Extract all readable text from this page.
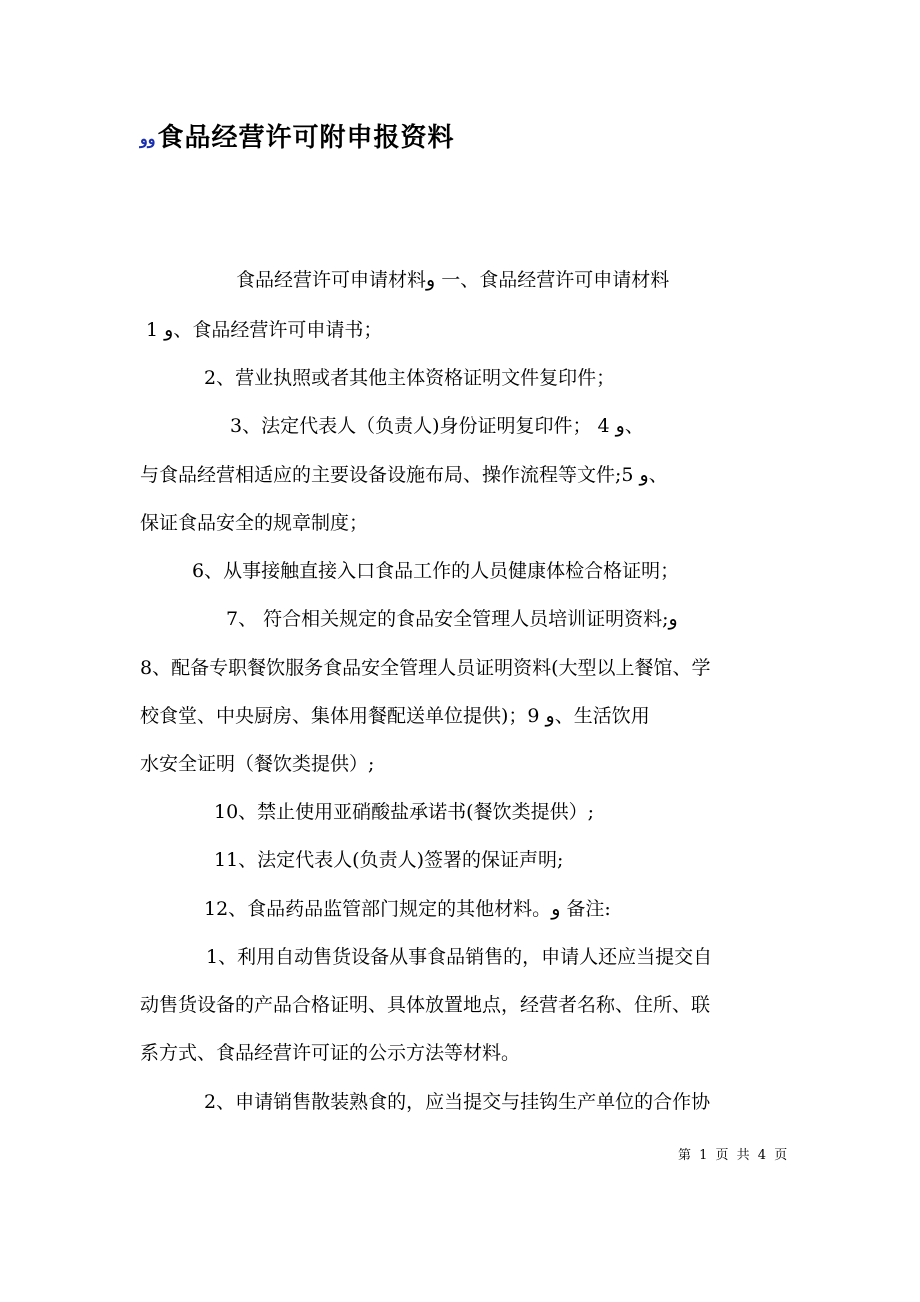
وو食品经营许可附申报资料
食品经营许可申请材料و 一、食品经营许可申请材料
1 و、食品经营许可申请书；
2、营业执照或者其他主体资格证明文件复印件；
3、法定代表人（负责人)身份证明复印件； 4 و、
与食品经营相适应的主要设备设施布局、操作流程等文件;5 و、
保证食品安全的规章制度；
6、从事接触直接入口食品工作的人员健康体检合格证明；
7、 符合相关规定的食品安全管理人员培训证明资料;و
8、配备专职餐饮服务食品安全管理人员证明资料(大型以上餐馆、学
校食堂、中央厨房、集体用餐配送单位提供)；9 و、生活饮用
水安全证明（餐饮类提供）;
10、禁止使用亚硝酸盐承诺书(餐饮类提供）;
11、法定代表人(负责人)签署的保证声明;
12、食品药品监管部门规定的其他材料。و 备注:
1、利用自动售货设备从事食品销售的，申请人还应当提交自
动售货设备的产品合格证明、具体放置地点，经营者名称、住所、联
系方式、食品经营许可证的公示方法等材料。
2、申请销售散装熟食的，应当提交与挂钩生产单位的合作协
第 1 页 共 4 页
